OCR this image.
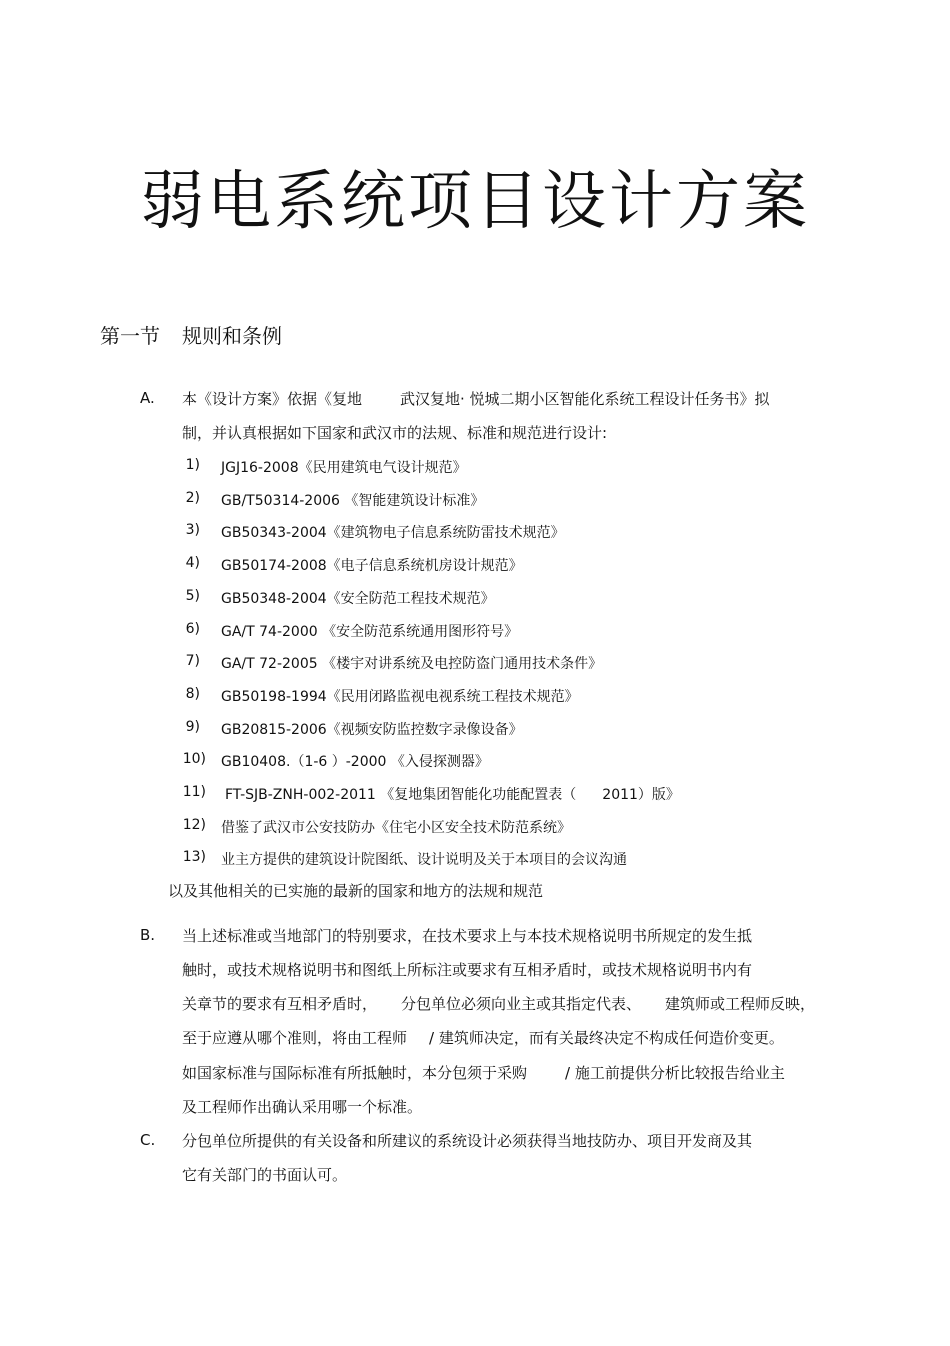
弱电系统项目设计方案
第一节 规则和条例
A. 本《设计方案》依据《复地	武汉复地· 悦城二期小区智能化系统工程设计任务书》拟
制，并认真根据如下国家和武汉市的法规、标准和规范进行设计:
1) JGJ16-2008《民用建筑电气设计规范》
2) GB/T50314-2006 《智能建筑设计标准》
3) GB50343-2004《建筑物电子信息系统防雷技术规范》
4) GB50174-2008《电子信息系统机房设计规范》
5) GB50348-2004《安全防范工程技术规范》
6) GA/T 74-2000 《安全防范系统通用图形符号》
7) GA/T 72-2005 《楼宇对讲系统及电控防盗门通用技术条件》
8) GB50198-1994《民用闭路监视电视系统工程技术规范》
9) GB20815-2006《视频安防监控数字录像设备》
10) GB10408.（1-6 ）-2000 《入侵探测器》
11) FT-SJB-ZNH-002-2011 《复地集团智能化功能配置表（ 2011）版》
12) 借鉴了武汉市公安技防办《住宅小区安全技术防范系统》
13) 业主方提供的建筑设计院图纸、设计说明及关于本项目的会议沟通
以及其他相关的已实施的最新的国家和地方的法规和规范
B. 当上述标准或当地部门的特别要求，在技术要求上与本技术规格说明书所规定的发生抵
触时，或技术规格说明书和图纸上所标注或要求有互相矛盾时，或技术规格说明书内有
关章节的要求有互相矛盾时， 分包单位必须向业主或其指定代表、 建筑师或工程师反映，
至于应遵从哪个准则，将由工程师 / 建筑师决定，而有关最终决定不构成任何造价变更。
如国家标准与国际标准有所抵触时，本分包须于采购	/ 施工前提供分析比较报告给业主
及工程师作出确认采用哪一个标准。
C. 分包单位所提供的有关设备和所建议的系统设计必须获得当地技防办、项目开发商及其
它有关部门的书面认可。
